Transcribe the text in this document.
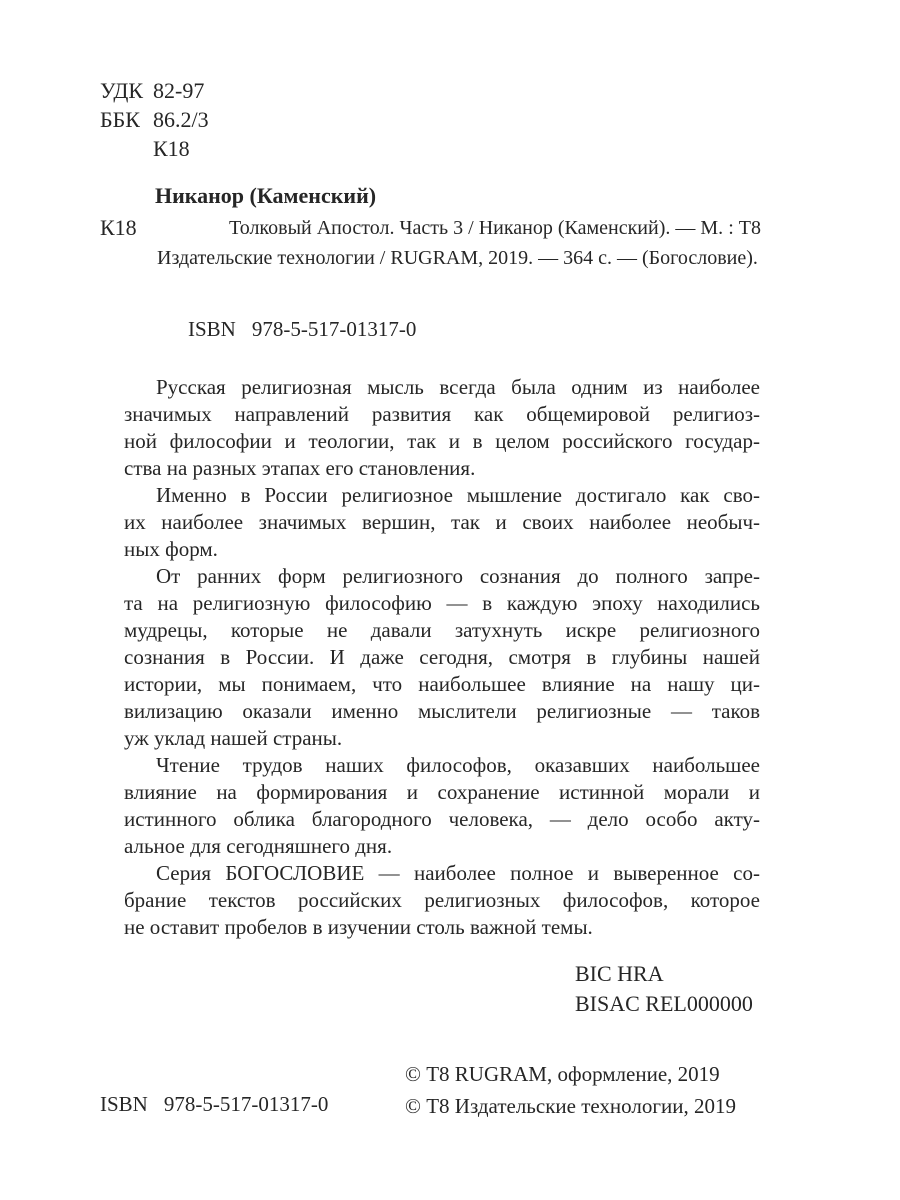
УДК 82-97
ББК 86.2/3
К18
Никанор (Каменский)
К18	Толковый Апостол. Часть 3 / Никанор (Каменский). — М. : Т8
Издательские технологии / RUGRAM, 2019. — 364 с. — (Богословие).
ISBN 978-5-517-01317-0
Русская религиозная мысль всегда была одним из наиболее
значимых направлений развития как общемировой религиоз-
ной философии и теологии, так и в целом российского государ-
ства на разных этапах его становления.
Именно в России религиозное мышление достигало как сво-
их наиболее значимых вершин, так и своих наиболее необыч-
ных форм.
От ранних форм религиозного сознания до полного запре-
та на религиозную философию — в каждую эпоху находились
мудрецы, которые не давали затухнуть искре религиозного
сознания в России. И даже сегодня, смотря в глубины нашей
истории, мы понимаем, что наибольшее влияние на нашу ци-
вилизацию оказали именно мыслители религиозные — таков
уж уклад нашей страны.
Чтение трудов наших философов, оказавших наибольшее
влияние на формирования и сохранение истинной морали и
истинного облика благородного человека, — дело особо акту-
альное для сегодняшнего дня.
Серия БОГОСЛОВИЕ — наиболее полное и выверенное со-
брание текстов российских религиозных философов, которое
не оставит пробелов в изучении столь важной темы.
BIC HRA
BISAC REL000000
© Т8 RUGRAM, оформление, 2019
© Т8 Издательские технологии, 2019
ISBN 978-5-517-01317-0
